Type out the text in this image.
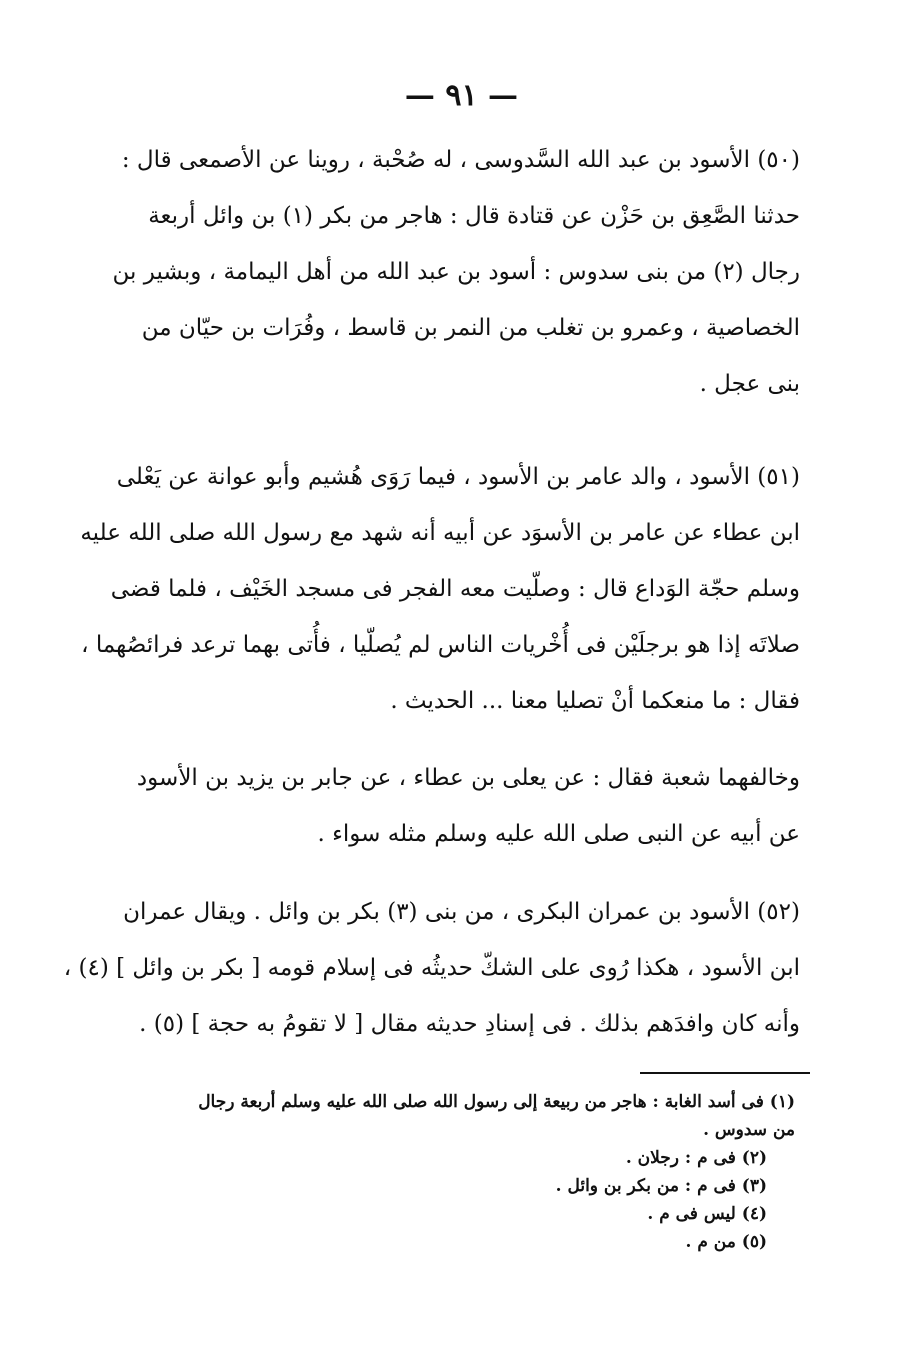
— ٩١ —
(٥٠) الأسود بن عبد الله السَّدوسى ، له صُحْبة ، روينا عن الأصمعى قال :
حدثنا الصَّعِق بن حَزْن عن قتادة قال : هاجر من بكر (١) بن وائل أربعة
رجال (٢) من بنى سدوس : أسود بن عبد الله من أهل اليمامة ، وبشير بن
الخصاصية ، وعمرو بن تغلب من النمر بن قاسط ، وفُرَات بن حيّان من
بنى عجل .
(٥١) الأسود ، والد عامر بن الأسود ، فيما رَوَى هُشيم وأبو عوانة عن يَعْلى
ابن عطاء عن عامر بن الأسوَد عن أبيه أنه شهد مع رسول الله صلى الله عليه
وسلم حجّة الوَداع قال : وصلّيت معه الفجر فى مسجد الخَيْف ، فلما قضى
صلاتَه إذا هو برجلَيْن فى أُخْريات الناس لم يُصلّيا ، فأُتى بهما ترعد فرائصُهما ،
فقال : ما منعكما أنْ تصليا معنا ... الحديث .
وخالفهما شعبة فقال : عن يعلى بن عطاء ، عن جابر بن يزيد بن الأسود
عن أبيه عن النبى صلى الله عليه وسلم مثله سواء .
(٥٢) الأسود بن عمران البكرى ، من بنى (٣) بكر بن وائل . ويقال عمران
ابن الأسود ، هكذا رُوى على الشكّ حديثُه فى إسلام قومه [ بكر بن وائل ] (٤) ،
وأنه كان وافدَهم بذلك . فى إسنادِ حديثه مقال [ لا تقومُ به حجة ] (٥) .
(١) فى أسد الغابة : هاجر من ربيعة إلى رسول الله صلى الله عليه وسلم أربعة رجال
من سدوس .
(٢) فى م : رجلان .
(٣) فى م : من بكر بن وائل .
(٤) ليس فى م .
(٥) من م .
